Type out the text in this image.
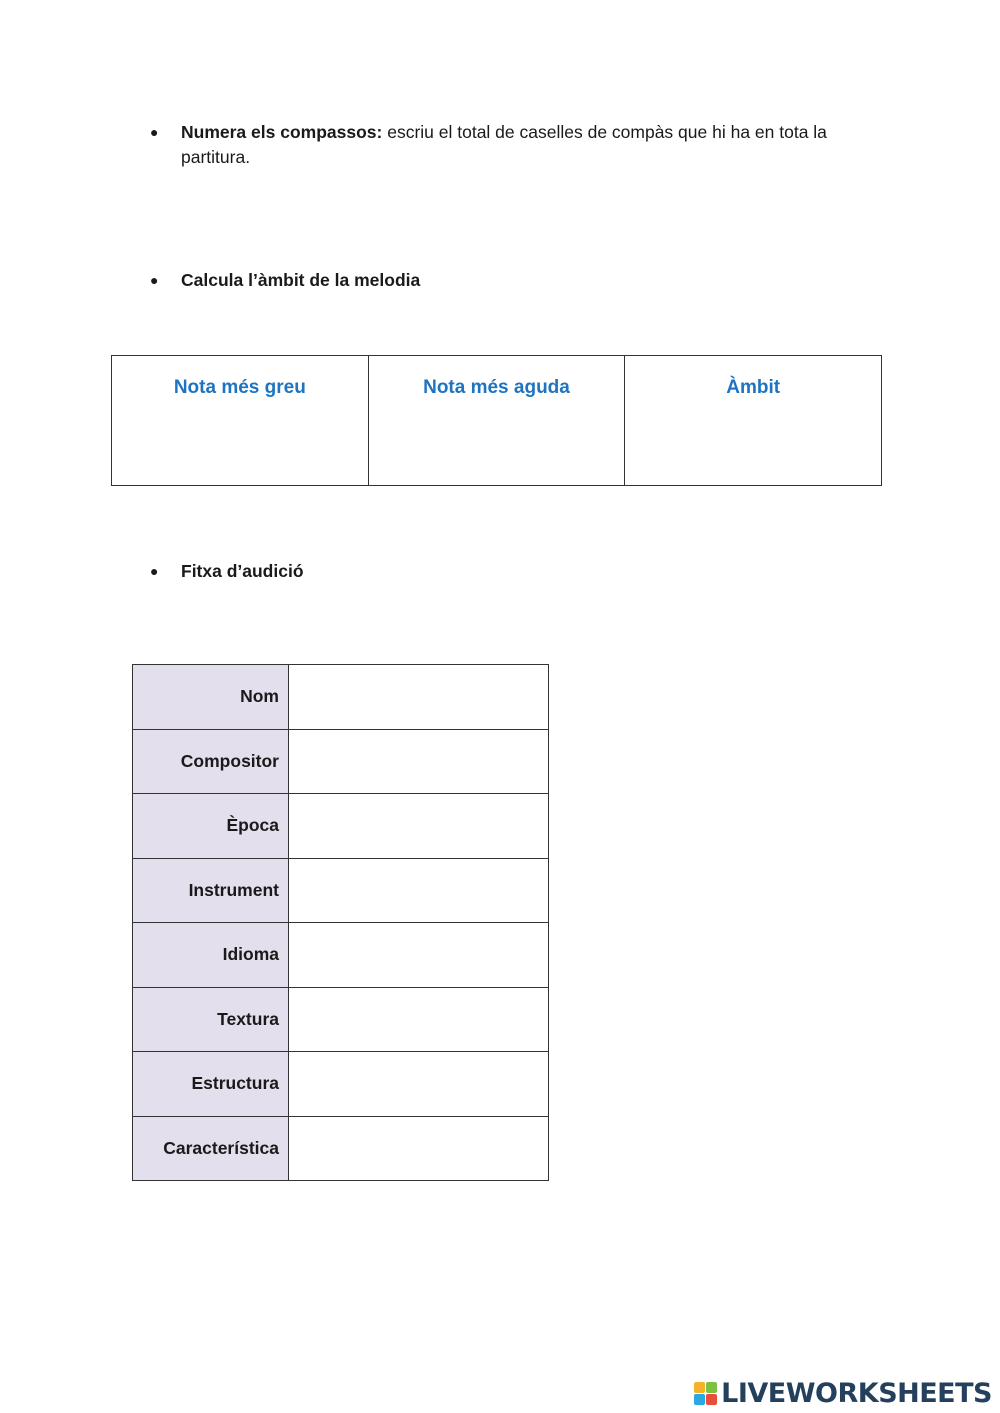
● Numera els compassos: escriu el total de caselles de compàs que hi ha en tota la partitura.
● Calcula l’àmbit de la melodia
Nota més greu	Nota més aguda	Àmbit
● Fitxa d’audició
Nom	
Compositor	
Època	
Instrument	
Idioma	
Textura	
Estructura	
Característica	
LIVEWORKSHEETS
